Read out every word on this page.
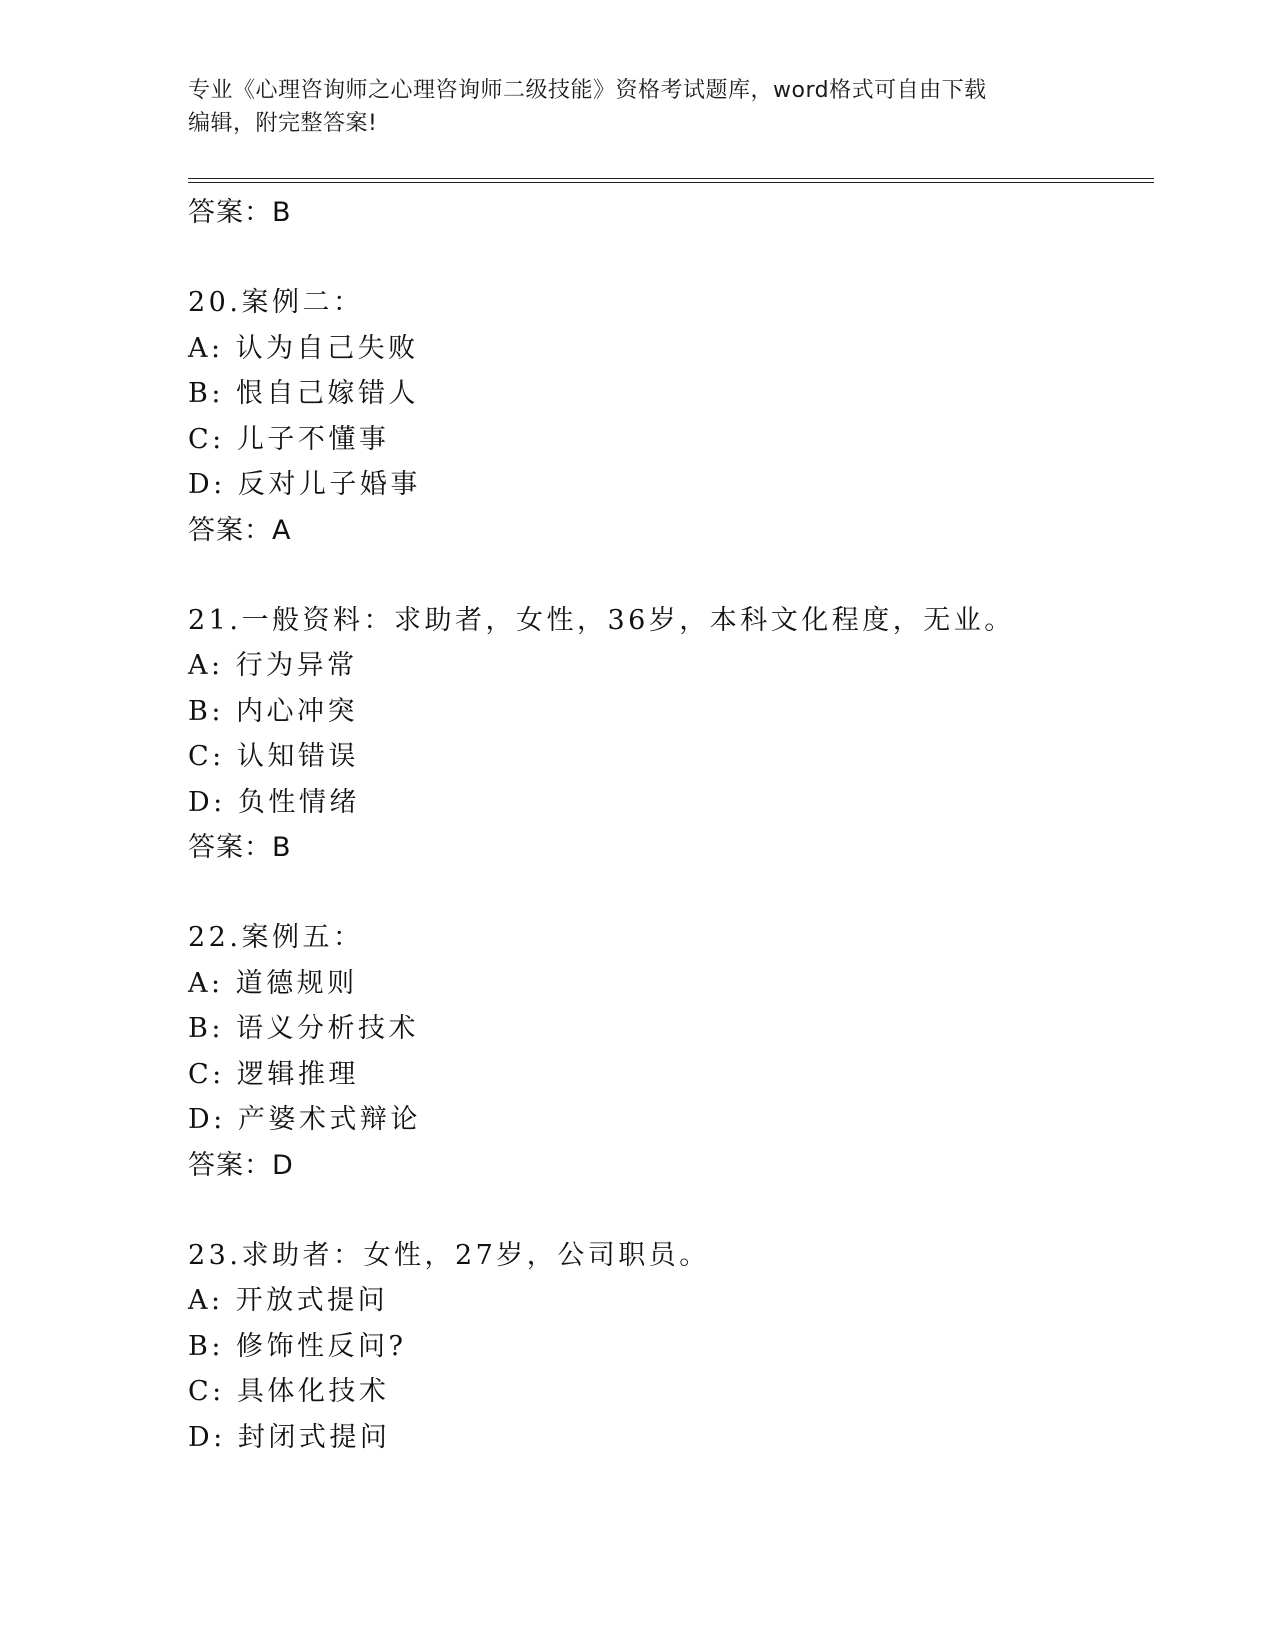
专业《心理咨询师之心理咨询师二级技能》资格考试题库，word格式可自由下载
编辑，附完整答案!
答案：B
20.案例二：
A: 认为自己失败
B: 恨自己嫁错人
C: 儿子不懂事
D: 反对儿子婚事
答案：A
21.一般资料：求助者，女性，36岁，本科文化程度，无业。
A: 行为异常
B: 内心冲突
C: 认知错误
D: 负性情绪
答案：B
22.案例五：
A: 道德规则
B: 语义分析技术
C: 逻辑推理
D: 产婆术式辩论
答案：D
23.求助者：女性，27岁，公司职员。
A: 开放式提问
B: 修饰性反问?
C: 具体化技术
D: 封闭式提问
